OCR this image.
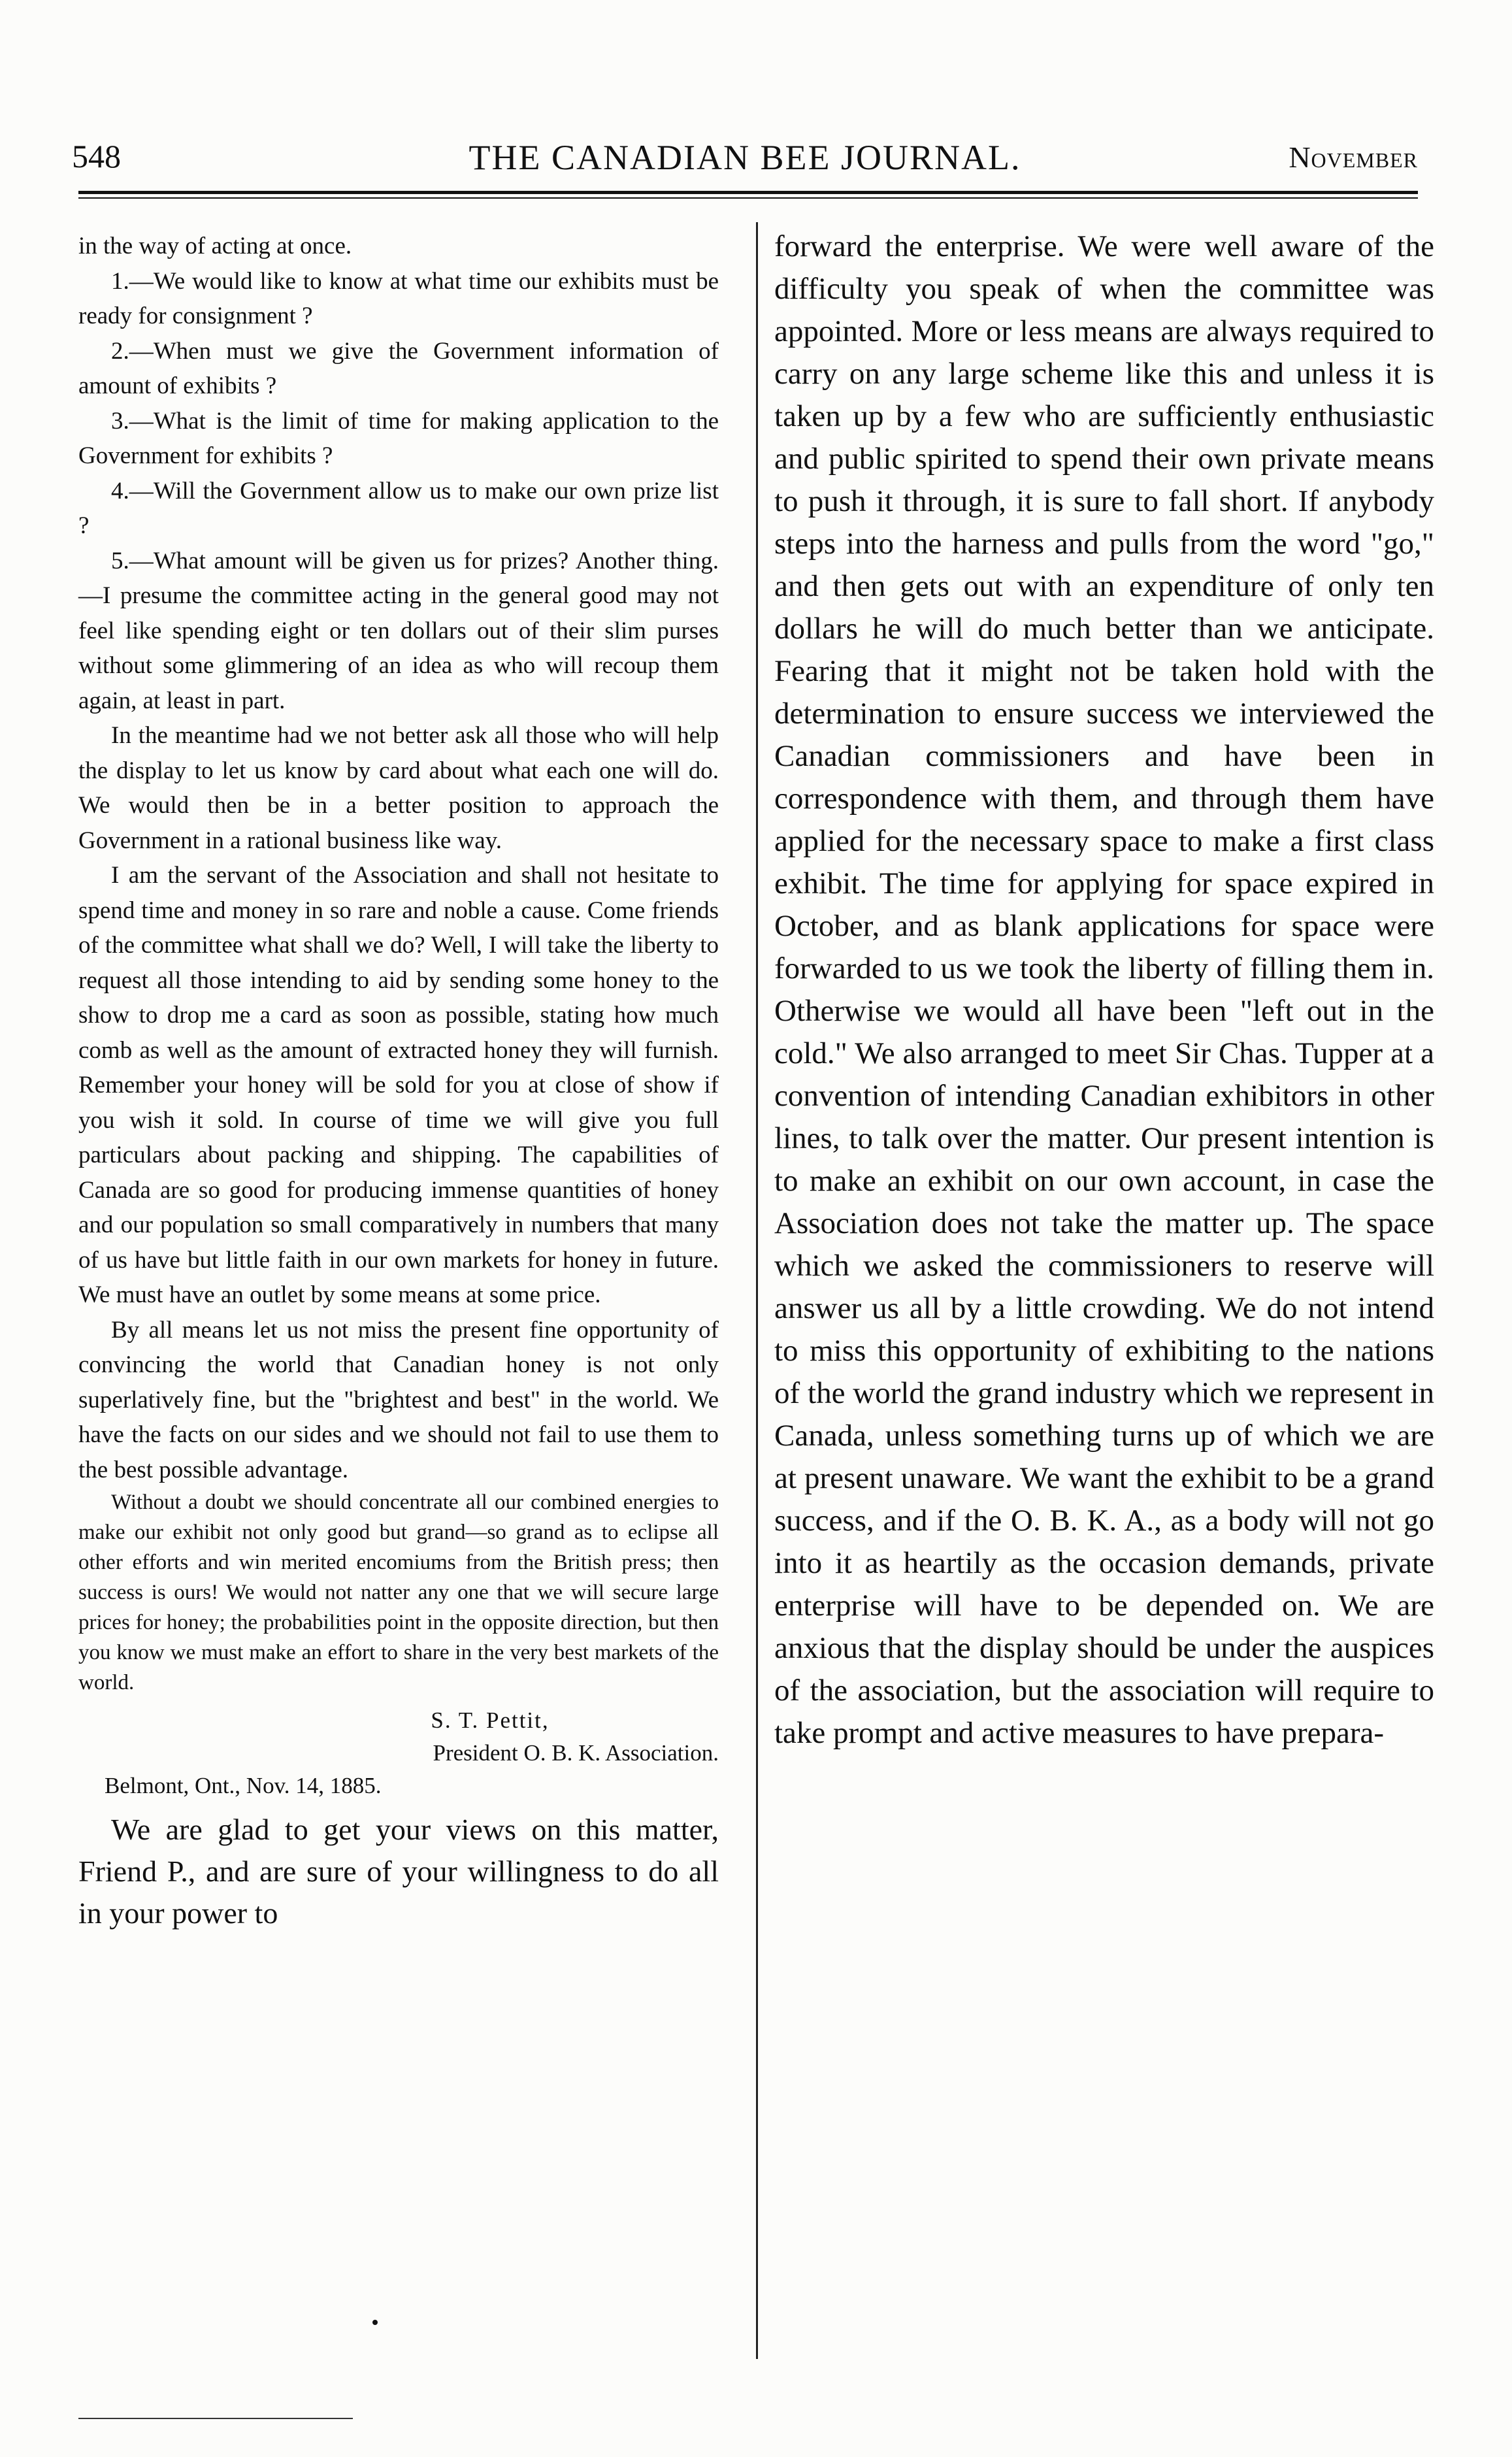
548	THE CANADIAN BEE JOURNAL.	November

in the way of acting at once.

1.—We would like to know at what time our exhibits must be ready for consignment ?

2.—When must we give the Government information of amount of exhibits ?

3.—What is the limit of time for making application to the Government for exhibits ?

4.—Will the Government allow us to make our own prize list ?

5.—What amount will be given us for prizes? Another thing.—I presume the committee acting in the general good may not feel like spending eight or ten dollars out of their slim purses without some glimmering of an idea as who will recoup them again, at least in part.

In the meantime had we not better ask all those who will help the display to let us know by card about what each one will do. We would then be in a better position to approach the Government in a rational business like way.

I am the servant of the Association and shall not hesitate to spend time and money in so rare and noble a cause. Come friends of the committee what shall we do? Well, I will take the liberty to request all those intending to aid by sending some honey to the show to drop me a card as soon as possible, stating how much comb as well as the amount of extracted honey they will furnish. Remember your honey will be sold for you at close of show if you wish it sold. In course of time we will give you full particulars about packing and shipping. The capabilities of Canada are so good for producing immense quantities of honey and our population so small comparatively in numbers that many of us have but little faith in our own markets for honey in future. We must have an outlet by some means at some price.

By all means let us not miss the present fine opportunity of convincing the world that Canadian honey is not only superlatively fine, but the "brightest and best" in the world. We have the facts on our sides and we should not fail to use them to the best possible advantage.

Without a doubt we should concentrate all our combined energies to make our exhibit not only good but grand—so grand as to eclipse all other efforts and win merited encomiums from the British press; then success is ours! We would not natter any one that we will secure large prices for honey; the probabilities point in the opposite direction, but then you know we must make an effort to share in the very best markets of the world.

S. T. Pettit,
President O. B. K. Association.
Belmont, Ont., Nov. 14, 1885.

We are glad to get your views on this matter, Friend P., and are sure of your willingness to do all in your power to

forward the enterprise. We were well aware of the difficulty you speak of when the committee was appointed. More or less means are always required to carry on any large scheme like this and unless it is taken up by a few who are sufficiently enthusiastic and public spirited to spend their own private means to push it through, it is sure to fall short. If anybody steps into the harness and pulls from the word "go," and then gets out with an expenditure of only ten dollars he will do much better than we anticipate. Fearing that it might not be taken hold with the determination to ensure success we interviewed the Canadian commissioners and have been in correspondence with them, and through them have applied for the necessary space to make a first class exhibit. The time for applying for space expired in October, and as blank applications for space were forwarded to us we took the liberty of filling them in. Otherwise we would all have been "left out in the cold." We also arranged to meet Sir Chas. Tupper at a convention of intending Canadian exhibitors in other lines, to talk over the matter. Our present intention is to make an exhibit on our own account, in case the Association does not take the matter up. The space which we asked the commissioners to reserve will answer us all by a little crowding. We do not intend to miss this opportunity of exhibiting to the nations of the world the grand industry which we represent in Canada, unless something turns up of which we are at present unaware. We want the exhibit to be a grand success, and if the O. B. K. A., as a body will not go into it as heartily as the occasion demands, private enterprise will have to be depended on. We are anxious that the display should be under the auspices of the association, but the association will require to take prompt and active measures to have prepara-
